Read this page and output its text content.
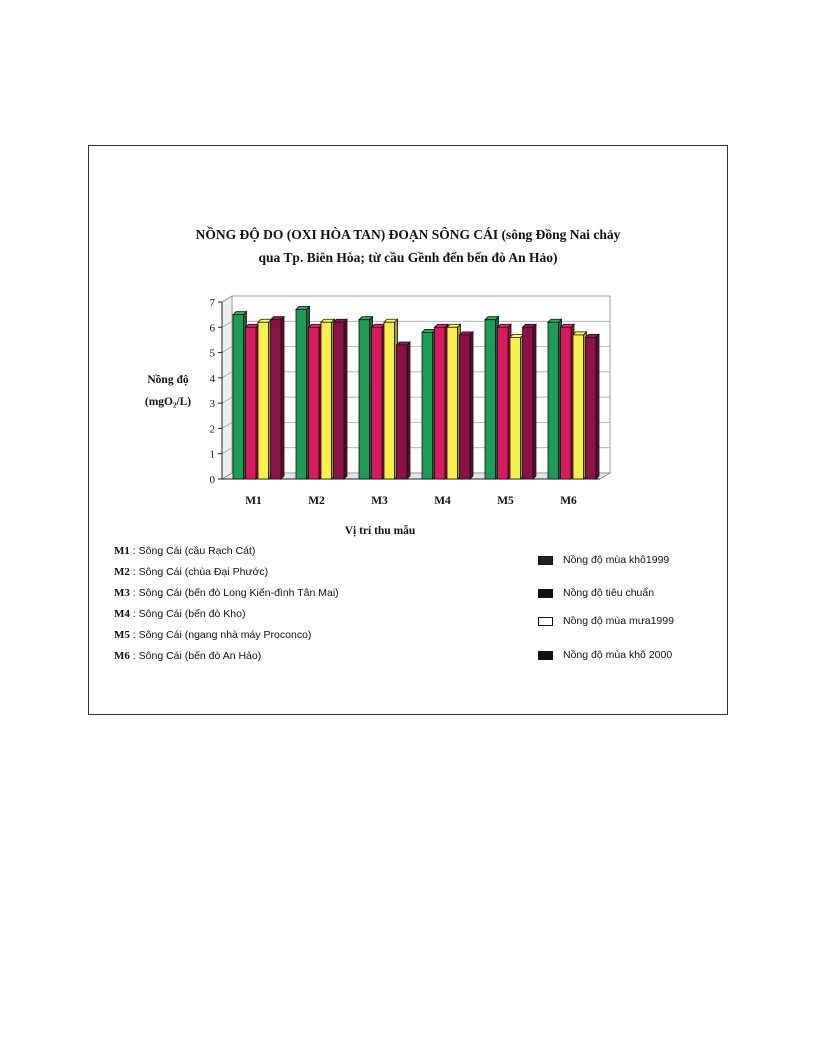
NỒNG ĐỘ DO (OXI HÒA TAN) ĐOẠN SÔNG CÁI (sông Đồng Nai chảy
qua Tp. Biên Hòa; từ cầu Gềnh đến bến đò An Hảo)
Nồng độ
(mgO₂/L)
0
1
2
3
4
5
6
7
M1	M2	M3	M4	M5	M6
Vị trí thu mẫu
M1 : Sông Cái (cầu Rạch Cát)
M2 : Sông Cái (chùa Đại Phước)
M3 : Sông Cái (bến đò Long Kiến-đình Tân Mai)
M4 : Sông Cái (bến đò Kho)
M5 : Sông Cái (ngang nhà máy Proconco)
M6 : Sông Cái (bến đò An Hảo)
Nồng độ mùa khô1999
Nồng độ tiêu chuẩn
Nồng độ mùa mưa1999
Nồng độ mùa khô 2000
